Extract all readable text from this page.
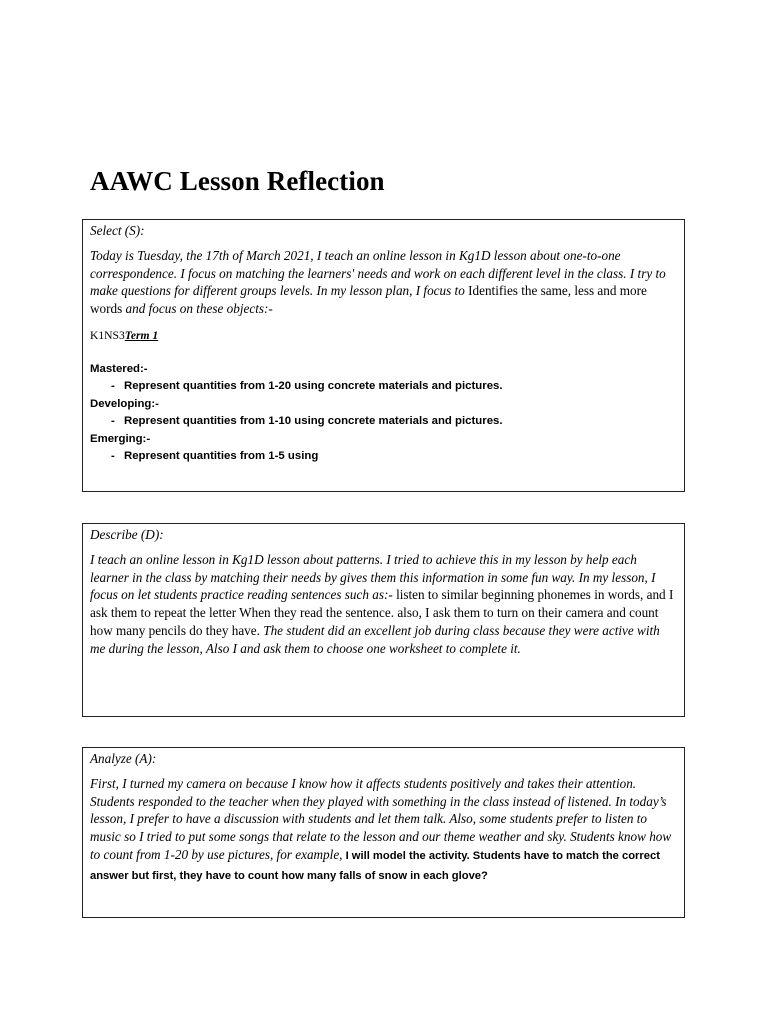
AAWC Lesson Reflection
Select (S):
Today is Tuesday, the 17th of March 2021, I teach an online lesson in Kg1D lesson about one-to-one correspondence. I focus on matching the learners' needs and work on each different level in the class. I try to make questions for different groups levels. In my lesson plan, I focus to Identifies the same, less and more words and focus on these objects:-
K1NS3Term 1
Mastered:-
- Represent quantities from 1-20 using concrete materials and pictures.
Developing:-
- Represent quantities from 1-10 using concrete materials and pictures.
Emerging:-
- Represent quantities from 1-5 using
Describe (D):
I teach an online lesson in Kg1D lesson about patterns. I tried to achieve this in my lesson by help each learner in the class by matching their needs by gives them this information in some fun way. In my lesson, I focus on let students practice reading sentences such as:- listen to similar beginning phonemes in words, and I ask them to repeat the letter When they read the sentence. also, I ask them to turn on their camera and count how many pencils do they have. The student did an excellent job during class because they were active with me during the lesson, Also I and ask them to choose one worksheet to complete it.
Analyze (A):
First, I turned my camera on because I know how it affects students positively and takes their attention. Students responded to the teacher when they played with something in the class instead of listened. In today’s lesson, I prefer to have a discussion with students and let them talk. Also, some students prefer to listen to music so I tried to put some songs that relate to the lesson and our theme weather and sky. Students know how to count from 1-20 by use pictures, for example, I will model the activity. Students have to match the correct answer but first, they have to count how many falls of snow in each glove?
